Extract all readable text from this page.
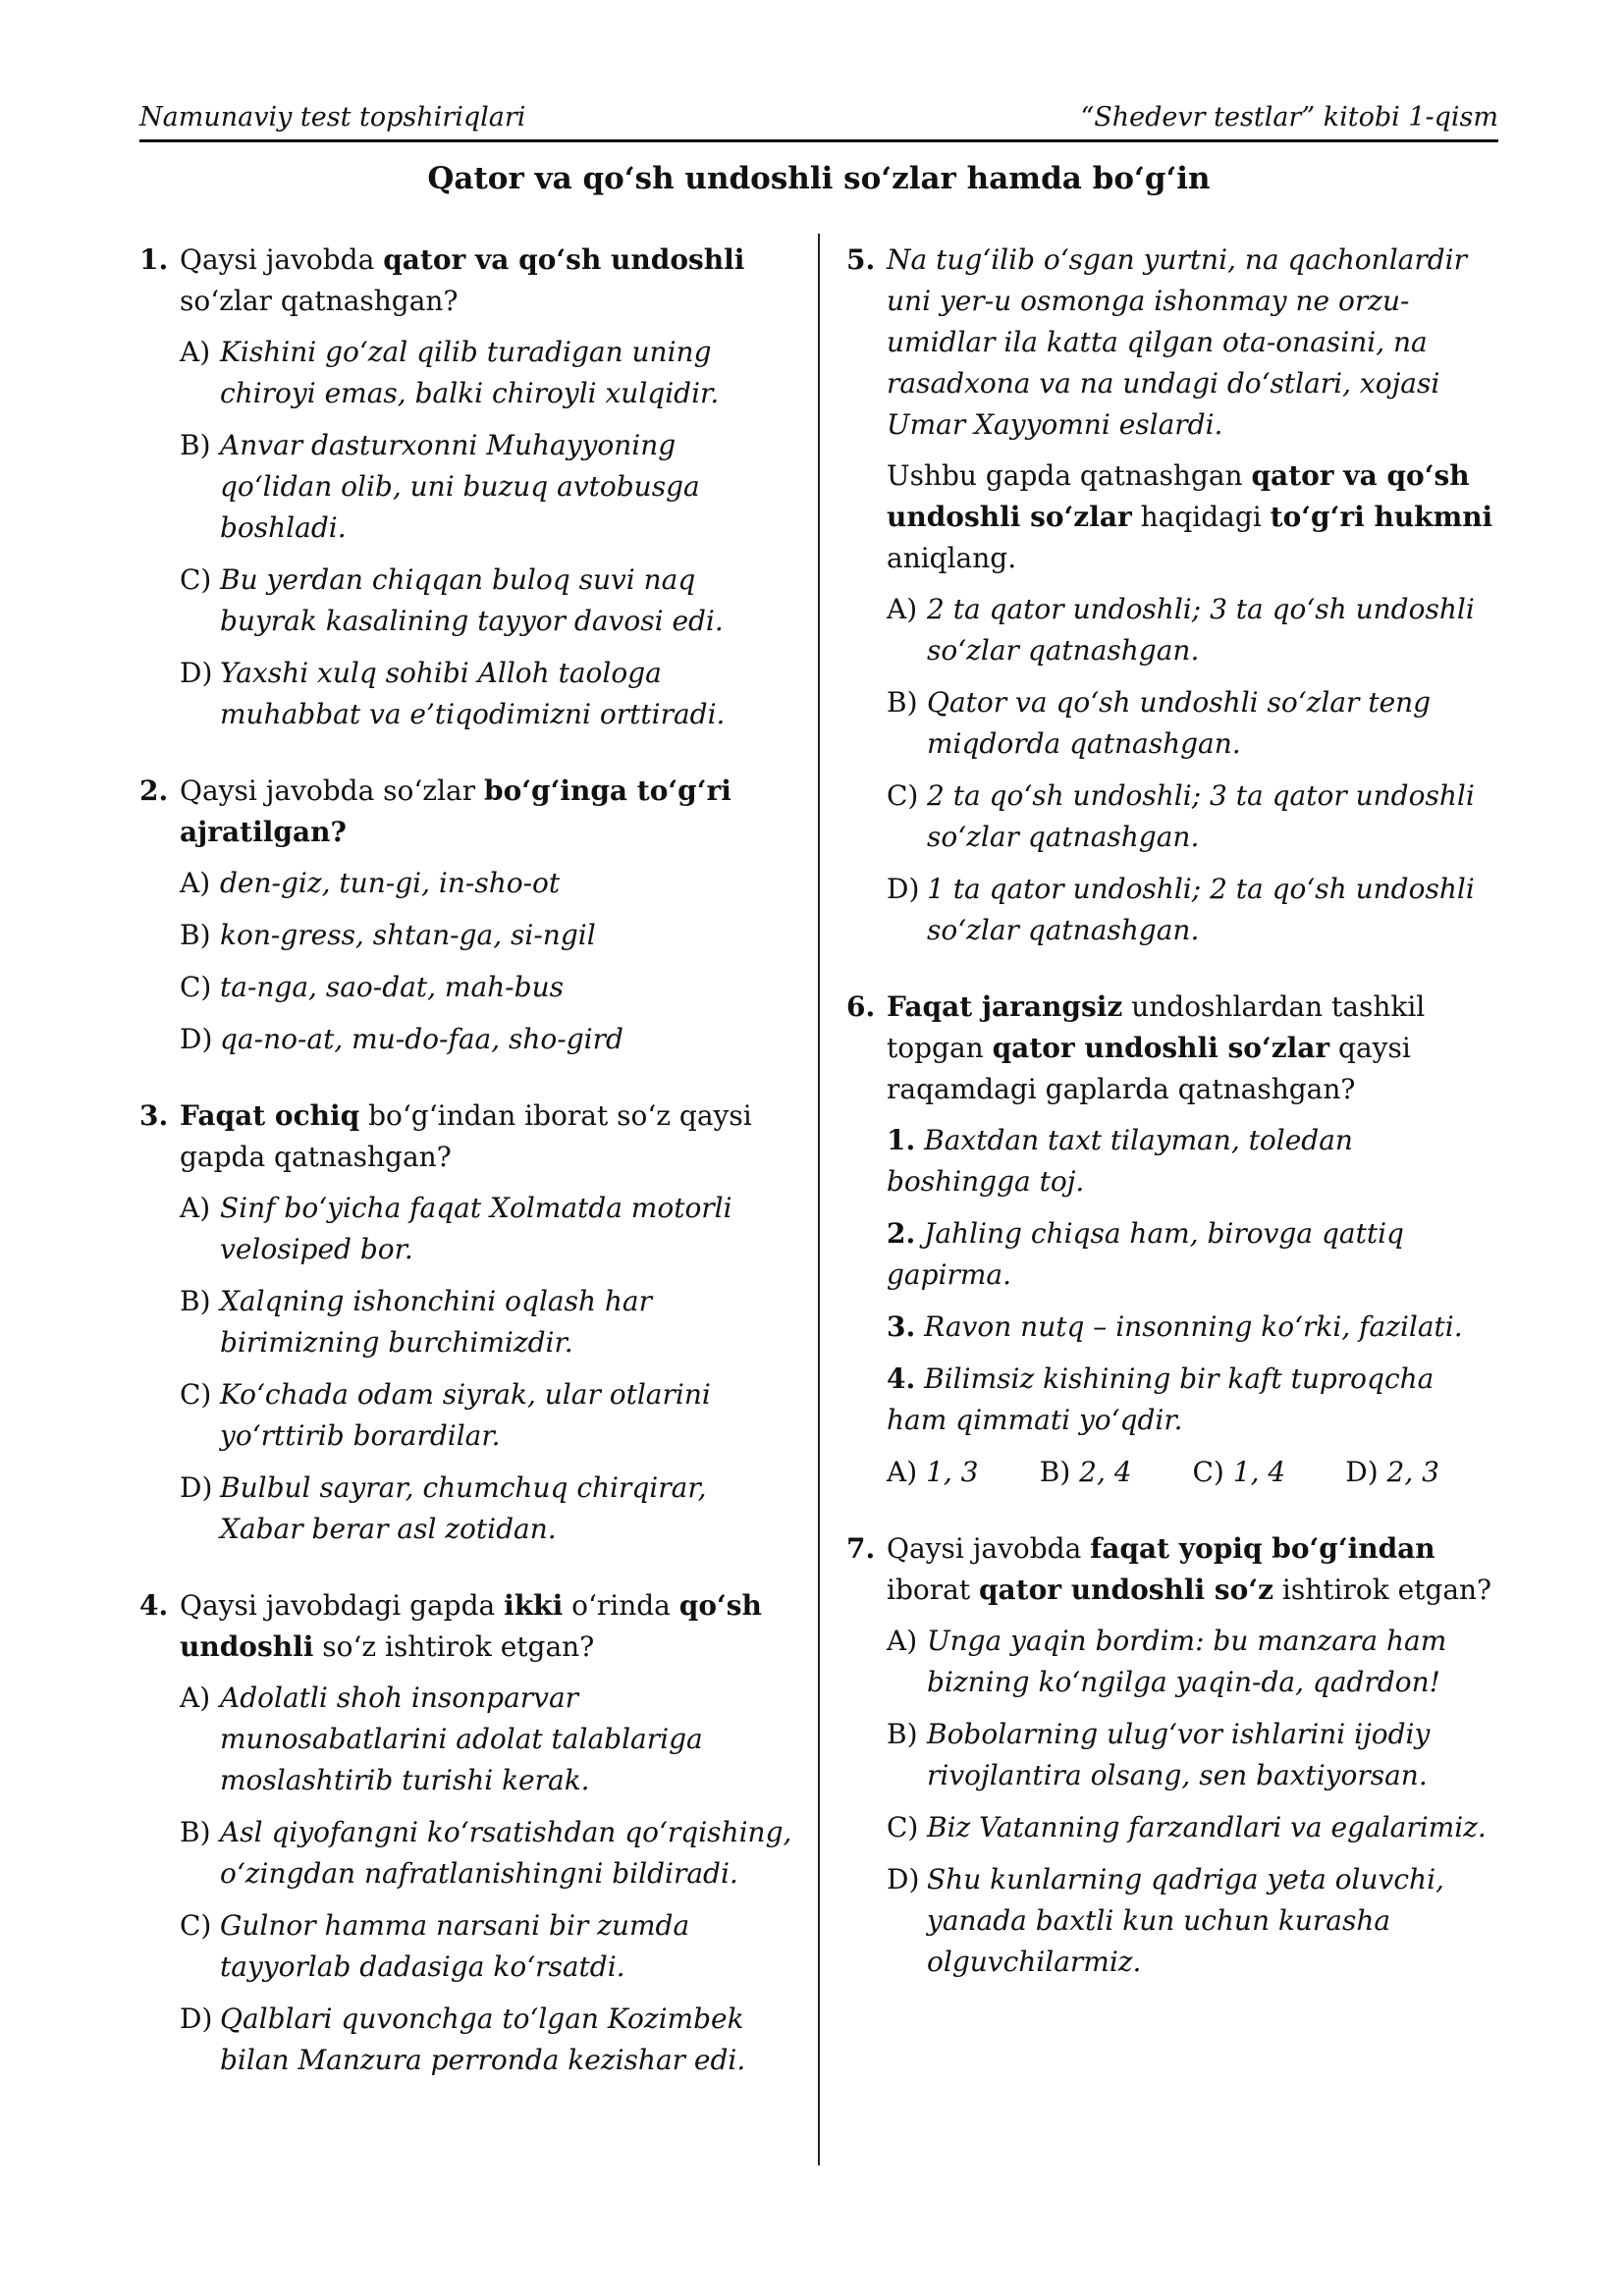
Namunaviy test topshiriqlari	“Shedevr testlar” kitobi 1-qism
Qator va qoʻsh undoshli soʻzlar hamda boʻgʻin
1. Qaysi javobda qator va qoʻsh undoshli soʻzlar qatnashgan?
A) Kishini goʻzal qilib turadigan uning chiroyi emas, balki chiroyli xulqidir.
B) Anvar dasturxonni Muhayyoning qoʻlidan olib, uni buzuq avtobusga boshladi.
C) Bu yerdan chiqqan buloq suvi naq buyrak kasalining tayyor davosi edi.
D) Yaxshi xulq sohibi Alloh taologa muhabbat va e’tiqodimizni orttiradi.
2. Qaysi javobda soʻzlar boʻgʻinga toʻgʻri ajratilgan?
A) den-giz, tun-gi, in-sho-ot
B) kon-gress, shtan-ga, si-ngil
C) ta-nga, sao-dat, mah-bus
D) qa-no-at, mu-do-faa, sho-gird
3. Faqat ochiq boʻgʻindan iborat soʻz qaysi gapda qatnashgan?
A) Sinf boʻyicha faqat Xolmatda motorli velosiped bor.
B) Xalqning ishonchini oqlash har birimizning burchimizdir.
C) Koʻchada odam siyrak, ular otlarini yoʻrttirib borardilar.
D) Bulbul sayrar, chumchuq chirqirar, Xabar berar asl zotidan.
4. Qaysi javobdagi gapda ikki oʻrinda qoʻsh undoshli soʻz ishtirok etgan?
A) Adolatli shoh insonparvar munosabatlarini adolat talablariga moslashtirib turishi kerak.
B) Asl qiyofangni koʻrsatishdan qoʻrqishing, oʻzingdan nafratlanishingni bildiradi.
C) Gulnor hamma narsani bir zumda tayyorlab dadasiga koʻrsatdi.
D) Qalblari quvonchga toʻlgan Kozimbek bilan Manzura perronda kezishar edi.
5. Na tugʻilib oʻsgan yurtni, na qachonlardir uni yer-u osmonga ishonmay ne orzu-umidlar ila katta qilgan ota-onasini, na rasadxona va na undagi doʻstlari, xojasi Umar Xayyomni eslardi.
Ushbu gapda qatnashgan qator va qoʻsh undoshli soʻzlar haqidagi toʻgʻri hukmni aniqlang.
A) 2 ta qator undoshli; 3 ta qoʻsh undoshli soʻzlar qatnashgan.
B) Qator va qoʻsh undoshli soʻzlar teng miqdorda qatnashgan.
C) 2 ta qoʻsh undoshli; 3 ta qator undoshli soʻzlar qatnashgan.
D) 1 ta qator undoshli; 2 ta qoʻsh undoshli soʻzlar qatnashgan.
6. Faqat jarangsiz undoshlardan tashkil topgan qator undoshli soʻzlar qaysi raqamdagi gaplarda qatnashgan?
1. Baxtdan taxt tilayman, toledan boshingga toj.
2. Jahling chiqsa ham, birovga qattiq gapirma.
3. Ravon nutq – insonning koʻrki, fazilati.
4. Bilimsiz kishining bir kaft tuproqcha ham qimmati yoʻqdir.
A) 1, 3	B) 2, 4	C) 1, 4	D) 2, 3
7. Qaysi javobda faqat yopiq boʻgʻindan iborat qator undoshli soʻz ishtirok etgan?
A) Unga yaqin bordim: bu manzara ham bizning koʻngilga yaqin-da, qadrdon!
B) Bobolarning ulugʻvor ishlarini ijodiy rivojlantira olsang, sen baxtiyorsan.
C) Biz Vatanning farzandlari va egalarimiz.
D) Shu kunlarning qadriga yeta oluvchi, yanada baxtli kun uchun kurasha olguvchilarmiz.
